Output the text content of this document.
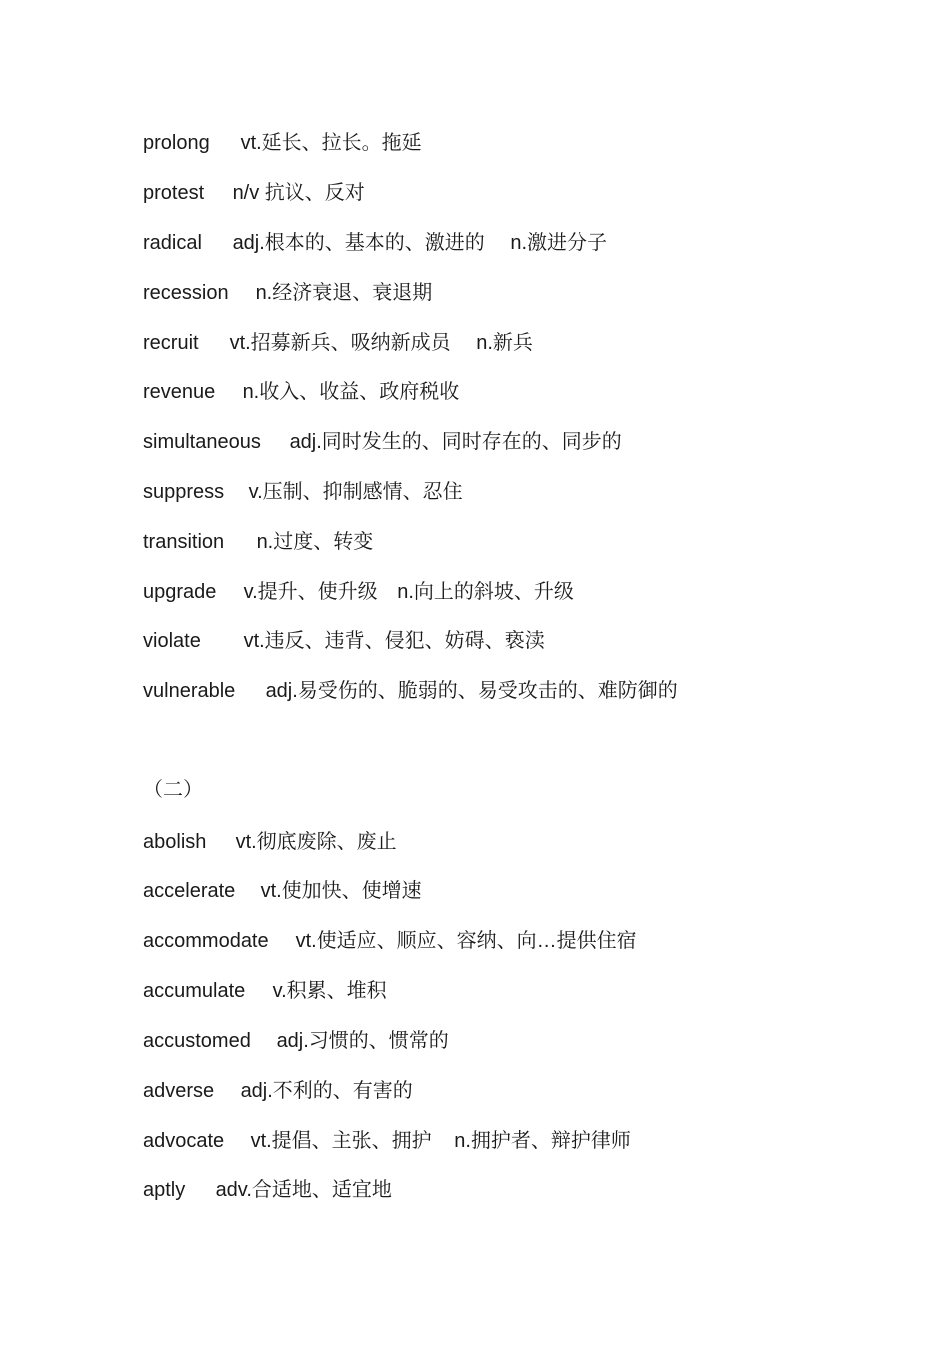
prolong vt.延长、拉长。拖延
protest n/v 抗议、反对
radical adj.根本的、基本的、激进的 n.激进分子
recession n.经济衰退、衰退期
recruit vt.招募新兵、吸纳新成员 n.新兵
revenue n.收入、收益、政府税收
simultaneous adj.同时发生的、同时存在的、同步的
suppress v.压制、抑制感情、忍住
transition n.过度、转变
upgrade v.提升、使升级 n.向上的斜坡、升级
violate vt.违反、违背、侵犯、妨碍、亵渎
vulnerable adj.易受伤的、脆弱的、易受攻击的、难防御的
（二）
abolish vt.彻底废除、废止
accelerate vt.使加快、使增速
accommodate vt.使适应、顺应、容纳、向…提供住宿
accumulate v.积累、堆积
accustomed adj.习惯的、惯常的
adverse adj.不利的、有害的
advocate vt.提倡、主张、拥护 n.拥护者、辩护律师
aptly adv.合适地、适宜地
